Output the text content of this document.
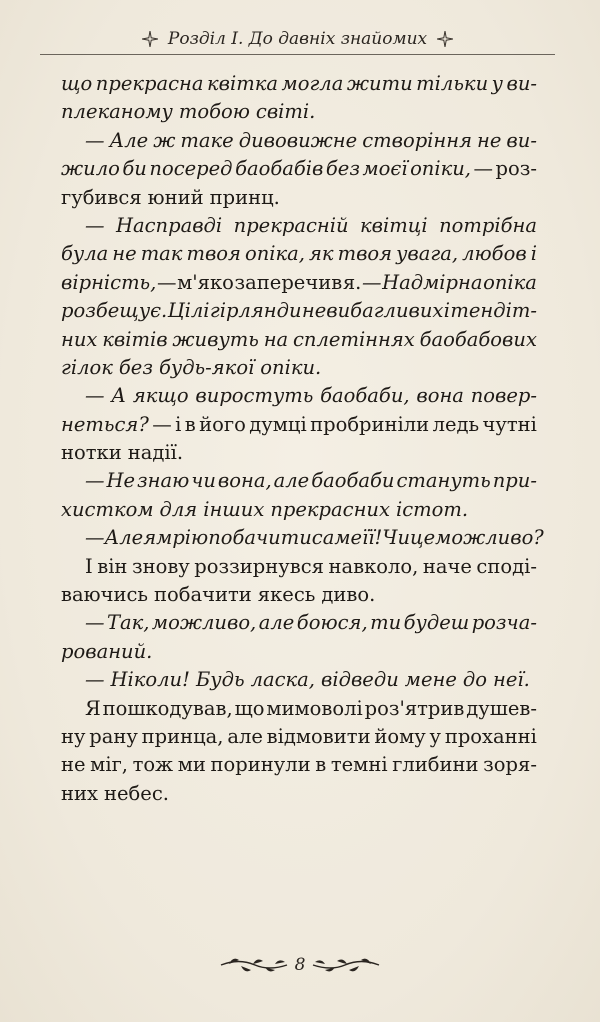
Розділ I. До давніх знайомих
що прекрасна квітка могла жити тільки у ви-
плеканому тобою світі.
— Але ж таке дивовижне створіння не ви-
жило би посеред баобабів без моєї опіки, — роз-
губився юний принц.
— Насправді прекрасній квітці потрібна
була не так твоя опіка, як твоя увага, любов і
вірність, — м'яко заперечив я. — Надмірна опіка
розбещує. Цілі гірлянди невибагливих і тендіт-
них квітів живуть на сплетіннях баобабових
гілок без будь-якої опіки.
— А якщо виростуть баобаби, вона повер-
неться? — і в його думці пробриніли ледь чутні
нотки надії.
— Не знаю чи вона, але баобаби стануть при-
хистком для інших прекрасних істот.
— Але я мрію побачити саме її! Чи це можливо?
І він знову роззирнувся навколо, наче сподi-
ваючись побачити якесь диво.
— Так, можливо, але боюся, ти будеш розча-
рований.
— Ніколи! Будь ласка, відведи мене до неї.
Я пошкодував, що мимоволі роз'ятрив душев-
ну рану принца, але відмовити йому у проханні
не міг, тож ми поринули в темні глибини зоря-
них небес.
8
